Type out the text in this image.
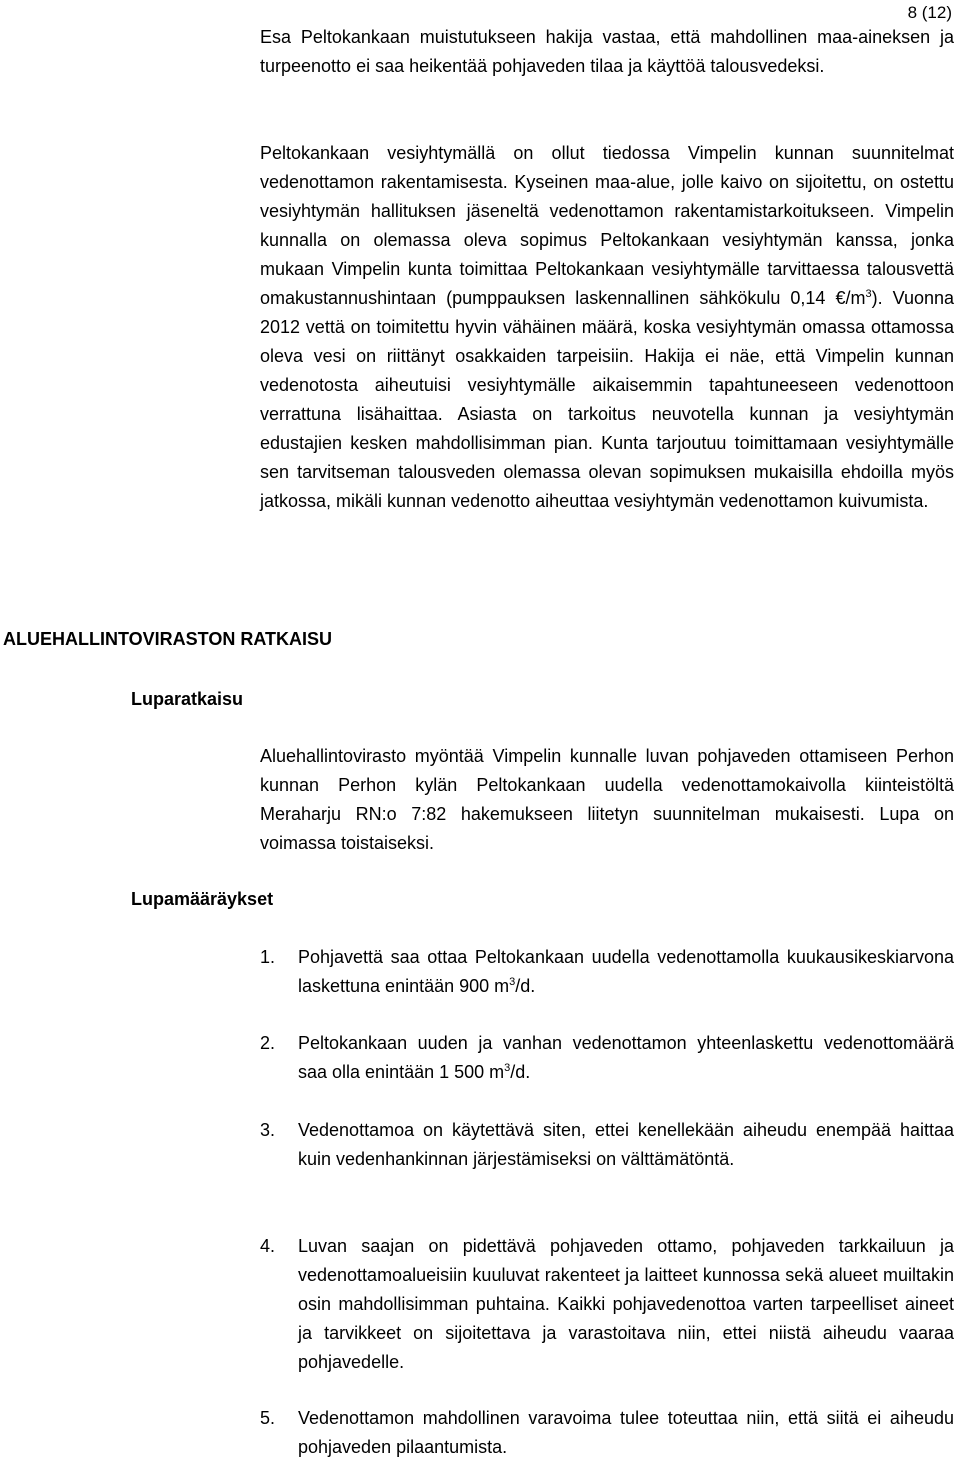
8 (12)

Esa Peltokankaan muistutukseen hakija vastaa, että mahdollinen maa-aineksen ja turpeenotto ei saa heikentää pohjaveden tilaa ja käyttöä talousvedeksi.

Peltokankaan vesiyhtymällä on ollut tiedossa Vimpelin kunnan suunnitelmat vedenottamon rakentamisesta. Kyseinen maa-alue, jolle kaivo on sijoitettu, on ostettu vesiyhtymän hallituksen jäseneltä vedenottamon rakentamistarkoitukseen. Vimpelin kunnalla on olemassa oleva sopimus Peltokankaan vesiyhtymän kanssa, jonka mukaan Vimpelin kunta toimittaa Peltokankaan vesiyhtymälle tarvittaessa talousvettä omakustannushintaan (pumppauksen laskennallinen sähkökulu 0,14 $€/m^3$). Vuonna 2012 vettä on toimitettu hyvin vähäinen määrä, koska vesiyhtymän omassa ottamossa oleva vesi on riittänyt osakkaiden tarpeisiin. Hakija ei näe, että Vimpelin kunnan vedenotosta aiheutuisi vesiyhtymälle aikaisemmin tapahtuneeseen vedenottoon verrattuna lisähaittaa. Asiasta on tarkoitus neuvotella kunnan ja vesiyhtymän edustajien kesken mahdollisimman pian. Kunta tarjoutuu toimittamaan vesiyhtymälle sen tarvitseman talousveden olemassa olevan sopimuksen mukaisilla ehdoilla myös jatkossa, mikäli kunnan vedenotto aiheuttaa vesiyhtymän vedenottamon kuivumista.

ALUEHALLINTOVIRASTON RATKAISU
Luparatkaisu

Aluehallintovirasto myöntää Vimpelin kunnalle luvan pohjaveden ottamiseen Perhon kunnan Perhon kylän Peltokankaan uudella vedenottamokaivolla kiinteistöltä Meraharju RN:o 7:82 hakemukseen liitetyn suunnitelman mukaisesti. Lupa on voimassa toistaiseksi.

Lupamääräykset
1.	Pohjavettä saa ottaa Peltokankaan uudella vedenottamolla kuukausikeskiarvona laskettuna enintään 900 $m^3/d$.
2.	Peltokankaan uuden ja vanhan vedenottamon yhteenlaskettu vedenottomäärä saa olla enintään 1 500 $m^3/d$.
3.	Vedenottamoa on käytettävä siten, ettei kenellekään aiheudu enempää haittaa kuin vedenhankinnan järjestämiseksi on välttämätöntä.
4.	Luvan saajan on pidettävä pohjaveden ottamo, pohjaveden tarkkailuun ja vedenottamoalueisiin kuuluvat rakenteet ja laitteet kunnossa sekä alueet muiltakin osin mahdollisimman puhtaina. Kaikki pohjavedenottoa varten tarpeelliset aineet ja tarvikkeet on sijoitettava ja varastoitava niin, ettei niistä aiheudu vaaraa pohjavedelle.
5.	Vedenottamon mahdollinen varavoima tulee toteuttaa niin, että siitä ei aiheudu pohjaveden pilaantumista.
